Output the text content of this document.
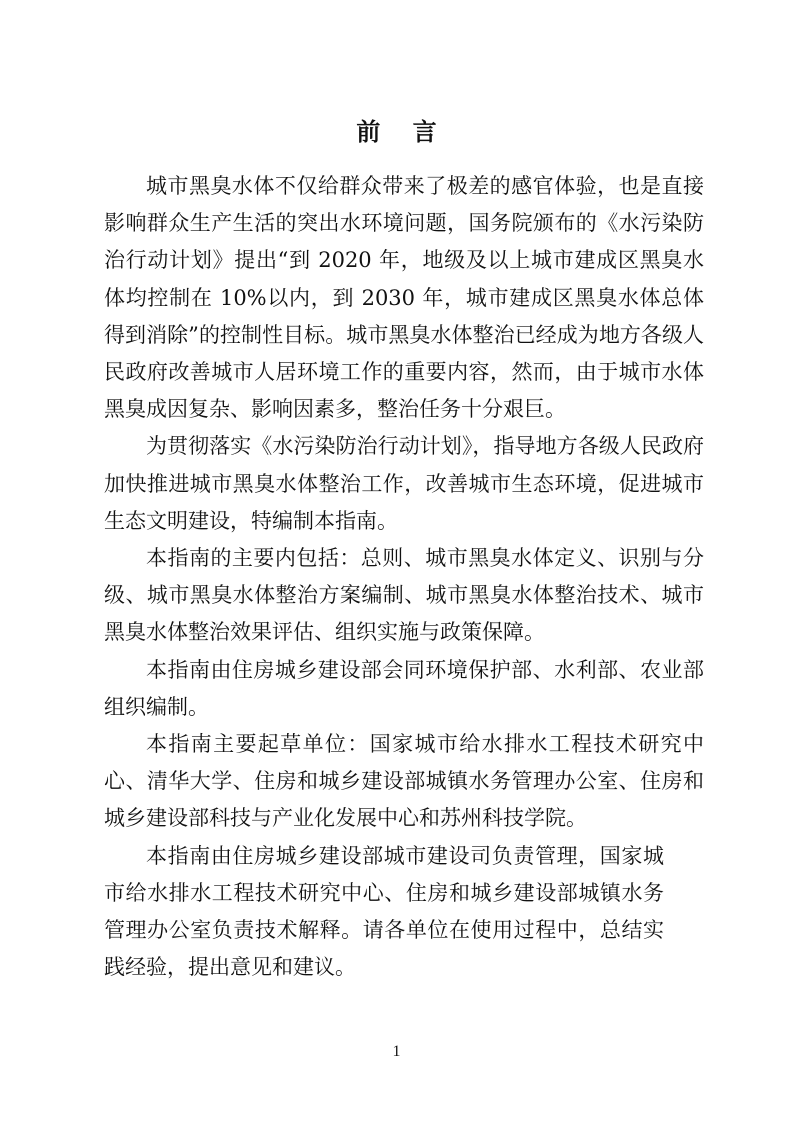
前 言

城市黑臭水体不仅给群众带来了极差的感官体验，也是直接影响群众生产生活的突出水环境问题，国务院颁布的《水污染防治行动计划》提出“到 2020 年，地级及以上城市建成区黑臭水体均控制在 10%以内，到 2030 年，城市建成区黑臭水体总体得到消除”的控制性目标。城市黑臭水体整治已经成为地方各级人民政府改善城市人居环境工作的重要内容，然而，由于城市水体黑臭成因复杂、影响因素多，整治任务十分艰巨。

为贯彻落实《水污染防治行动计划》，指导地方各级人民政府加快推进城市黑臭水体整治工作，改善城市生态环境，促进城市生态文明建设，特编制本指南。

本指南的主要内包括：总则、城市黑臭水体定义、识别与分级、城市黑臭水体整治方案编制、城市黑臭水体整治技术、城市黑臭水体整治效果评估、组织实施与政策保障。

本指南由住房城乡建设部会同环境保护部、水利部、农业部组织编制。

本指南主要起草单位：国家城市给水排水工程技术研究中心、清华大学、住房和城乡建设部城镇水务管理办公室、住房和城乡建设部科技与产业化发展中心和苏州科技学院。

本指南由住房城乡建设部城市建设司负责管理，国家城市给水排水工程技术研究中心、住房和城乡建设部城镇水务管理办公室负责技术解释。请各单位在使用过程中，总结实践经验，提出意见和建议。

1
